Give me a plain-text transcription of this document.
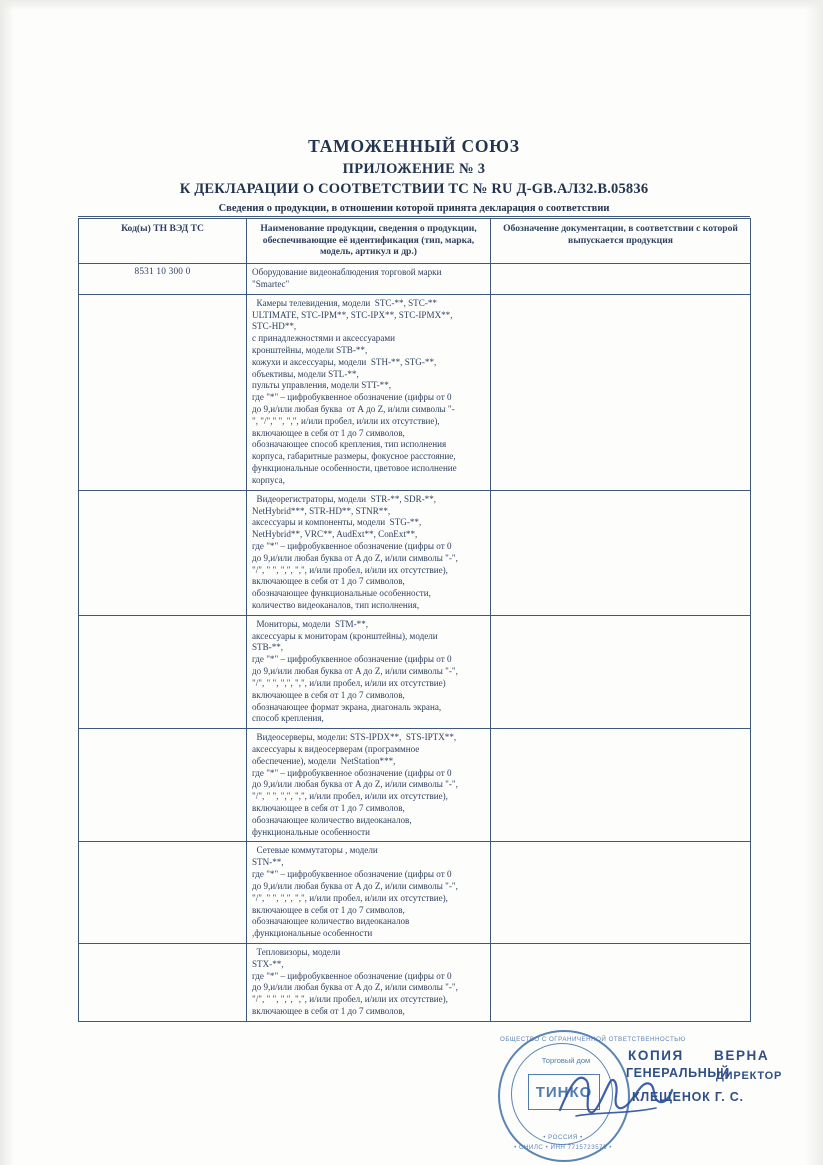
ТАМОЖЕННЫЙ СОЮЗ
ПРИЛОЖЕНИЕ № 3
К ДЕКЛАРАЦИИ О СООТВЕТСТВИИ ТС № RU Д-GB.АЛ32.В.05836
Сведения о продукции, в отношении которой принята декларация о соответствии
Код(ы) ТН ВЭД ТС	Наименование продукции, сведения о продукции, обеспечивающие её идентификация (тип, марка, модель, артикул и др.)	Обозначение документации, в соответствии с которой выпускается продукция
8531 10 300 0	Оборудование видеонаблюдения торговой марки
"Smartec"	

Камеры телевидения, модели  STC-**, STC-**
ULTIMATE, STC-IPM**, STC-IPX**, STC-IPMX**,
STC-HD**,
с принадлежностями и аксессуарами
кронштейны, модели STB-**,
кожухи и аксессуары, модели  STH-**, STG-**,
объективы, модели STL-**,
пульты управления, модели STT-**,
где "*" – цифробуквенное обозначение (цифры от 0
до 9,и/или любая буква  от А до Z, и/или символы "-
", "/"," ", ",", и/или пробел, и/или их отсутствие),
включающее в себя от 1 до 7 символов,
обозначающее способ крепления, тип исполнения
корпуса, габаритные размеры, фокусное расстояние,
функциональные особенности, цветовое исполнение
корпуса,

Видеорегистраторы, модели  STR-**, SDR-**,
NetHybrid***, STR-HD**, STNR**,
аксессуары и компоненты, модели  STG-**,
NetHybrid**, VRC**, AudExt**, ConExt**,
где "*" – цифробуквенное обозначение (цифры от 0
до 9,и/или любая буква от A до Z, и/или символы "-",
"/", " ", ",", ",", и/или пробел, и/или их отсутствие),
включающее в себя от 1 до 7 символов,
обозначающее функциональные особенности,
количество видеоканалов, тип исполнения,

Мониторы, модели  STM-**,
аксессуары к мониторам (кронштейны), модели
STB-**,
где "*" – цифробуквенное обозначение (цифры от 0
до 9,и/или любая буква от A до Z, и/или символы "-",
"/", " ", ",", ",", и/или пробел, и/или их отсутствие)
включающее в себя от 1 до 7 символов,
обозначающее формат экрана, диагональ экрана,
способ крепления,

Видеосерверы, модели: STS-IPDX**,  STS-IPTX**,
аксессуары к видеосерверам (программное
обеспечение), модели  NetStation***,
где "*" – цифробуквенное обозначение (цифры от 0
до 9,и/или любая буква от A до Z, и/или символы "-",
"/", " ", ",", ",", и/или пробел, и/или их отсутствие),
включающее в себя от 1 до 7 символов,
обозначающее количество видеоканалов,
функциональные особенности

Сетевые коммутаторы , модели
STN-**,
где "*" – цифробуквенное обозначение (цифры от 0
до 9,и/или любая буква от A до Z, и/или символы "-",
"/", " ", ",", ",", и/или пробел, и/или их отсутствие),
включающее в себя от 1 до 7 символов,
обозначающее количество видеоканалов
,функциональные особенности

Тепловизоры, модели
STX-**,
где "*" – цифробуквенное обозначение (цифры от 0
до 9,и/или любая буква от A до Z, и/или символы "-",
"/", " ", ",", ",", и/или пробел, и/или их отсутствие),
включающее в себя от 1 до 7 символов,

ОБЩЕСТВО С ОГРАНИЧЕННОЙ ОТВЕТСТВЕННОСТЬЮ
Торговый дом
ТИНКО
• РОССИЯ •
• СНИЛС • ИНН 7715723576 •
КОПИЯ ВЕРНА
ГЕНЕРАЛЬНЫЙ
ДИРЕКТОР
КЛЕЩЕНОК Г. С.
